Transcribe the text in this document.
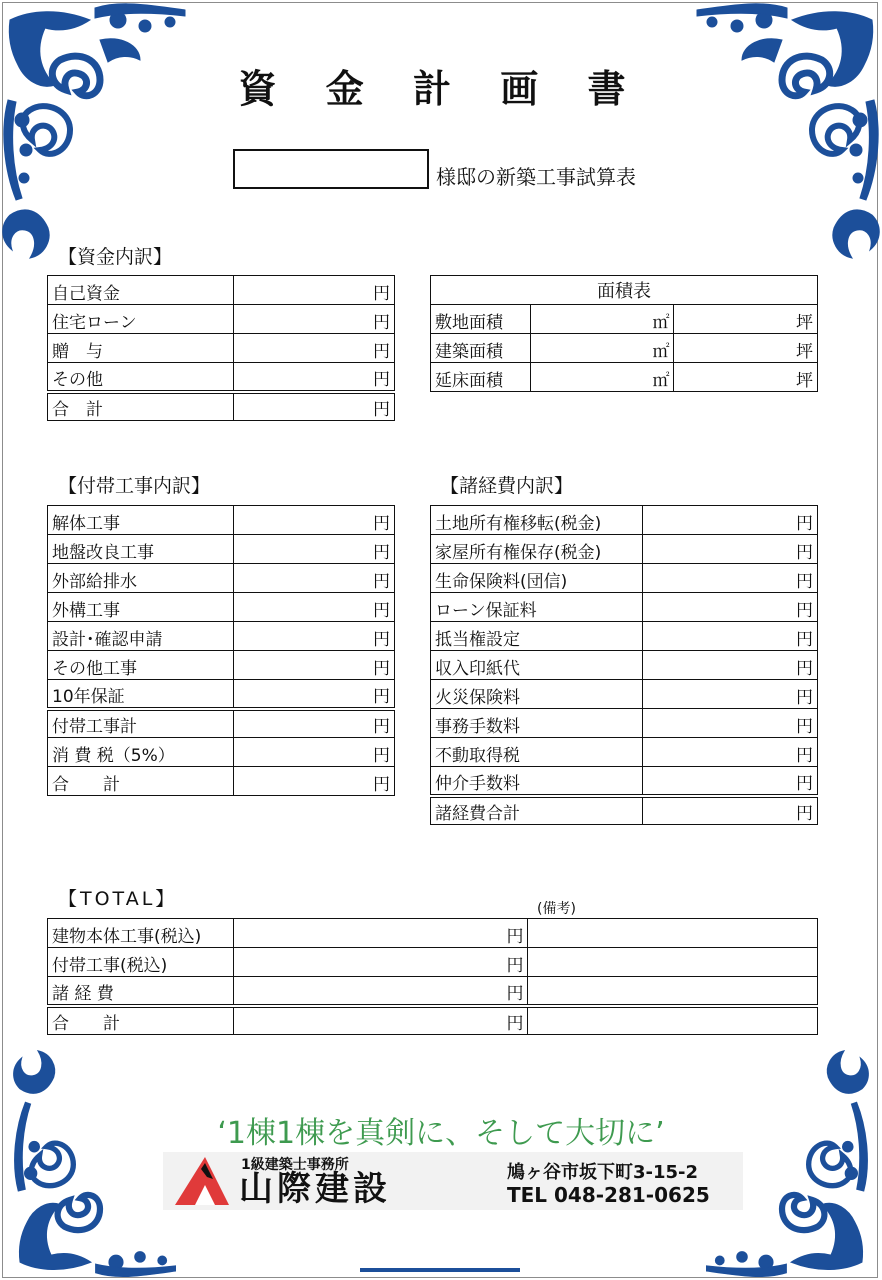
資 金 計 画 書
様邸の新築工事試算表
【資金内訳】
自己資金	円
住宅ローン	円
贈　与	円
その他	円
合　計	円
面積表		
敷地面積	㎡	坪
建築面積	㎡	坪
延床面積	㎡	坪
【付帯工事内訳】
解体工事	円
地盤改良工事	円
外部給排水	円
外構工事	円
設計･確認申請	円
その他工事	円
10年保証	円
付帯工事計	円
消 費 税（5%）	円
合　　計	円
【諸経費内訳】
土地所有権移転(税金)	円
家屋所有権保存(税金)	円
生命保険料(団信)	円
ローン保証料	円
抵当権設定	円
収入印紙代	円
火災保険料	円
事務手数料	円
不動取得税	円
仲介手数料	円
諸経費合計	円
【TOTAL】	(備考)
建物本体工事(税込)	円	
付帯工事(税込)	円	
諸 経 費	円	
合　　計	円	
‘1棟1棟を真剣に、そして大切に’
1級建築士事務所
山際建設	鳩ヶ谷市坂下町3-15-2
TEL 048-281-0625
